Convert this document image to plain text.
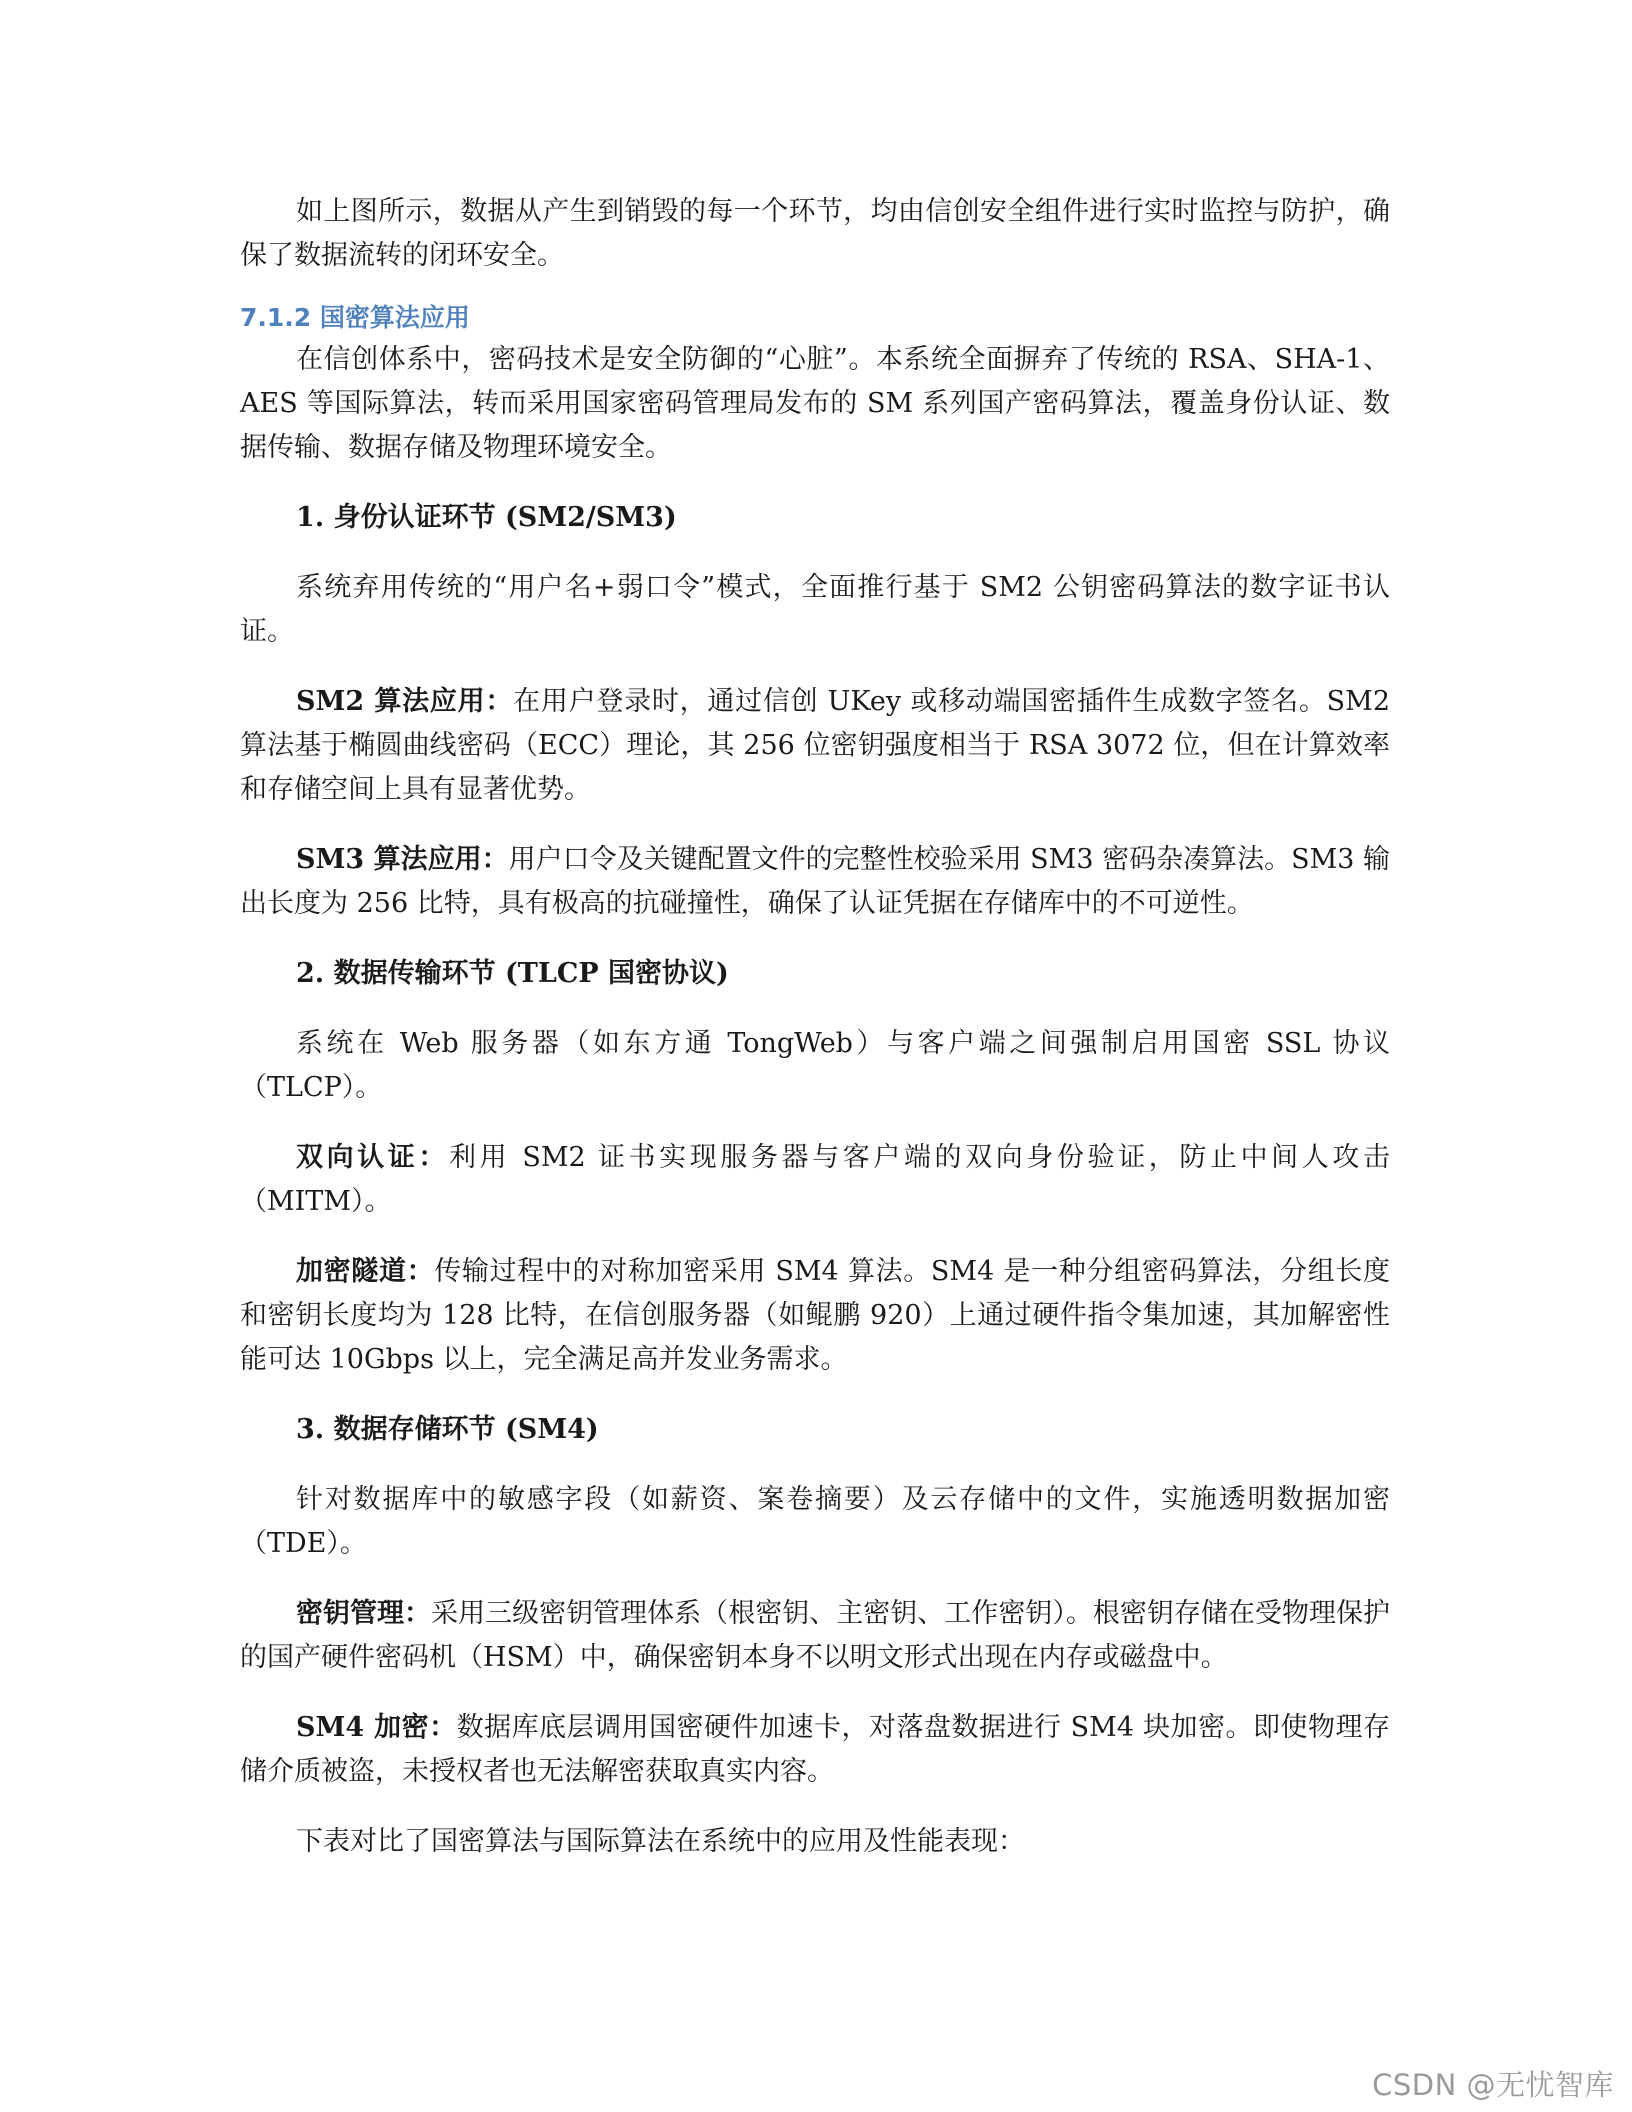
如上图所示，数据从产生到销毁的每一个环节，均由信创安全组件进行实时监控与防护，确保了数据流转的闭环安全。

7.1.2 国密算法应用

在信创体系中，密码技术是安全防御的“心脏”。本系统全面摒弃了传统的 RSA、SHA-1、AES 等国际算法，转而采用国家密码管理局发布的 SM 系列国产密码算法，覆盖身份认证、数据传输、数据存储及物理环境安全。

1. 身份认证环节 (SM2/SM3)

系统弃用传统的“用户名+弱口令”模式，全面推行基于 SM2 公钥密码算法的数字证书认证。

SM2 算法应用：在用户登录时，通过信创 UKey 或移动端国密插件生成数字签名。SM2 算法基于椭圆曲线密码（ECC）理论，其 256 位密钥强度相当于 RSA 3072 位，但在计算效率和存储空间上具有显著优势。

SM3 算法应用：用户口令及关键配置文件的完整性校验采用 SM3 密码杂凑算法。SM3 输出长度为 256 比特，具有极高的抗碰撞性，确保了认证凭据在存储库中的不可逆性。

2. 数据传输环节 (TLCP 国密协议)

系统在 Web 服务器（如东方通 TongWeb）与客户端之间强制启用国密 SSL 协议（TLCP）。

双向认证：利用 SM2 证书实现服务器与客户端的双向身份验证，防止中间人攻击（MITM）。

加密隧道：传输过程中的对称加密采用 SM4 算法。SM4 是一种分组密码算法，分组长度和密钥长度均为 128 比特，在信创服务器（如鲲鹏 920）上通过硬件指令集加速，其加解密性能可达 10Gbps 以上，完全满足高并发业务需求。

3. 数据存储环节 (SM4)

针对数据库中的敏感字段（如薪资、案卷摘要）及云存储中的文件，实施透明数据加密（TDE）。

密钥管理：采用三级密钥管理体系（根密钥、主密钥、工作密钥）。根密钥存储在受物理保护的国产硬件密码机（HSM）中，确保密钥本身不以明文形式出现在内存或磁盘中。

SM4 加密：数据库底层调用国密硬件加速卡，对落盘数据进行 SM4 块加密。即使物理存储介质被盗，未授权者也无法解密获取真实内容。

下表对比了国密算法与国际算法在系统中的应用及性能表现：

CSDN @无忧智库
